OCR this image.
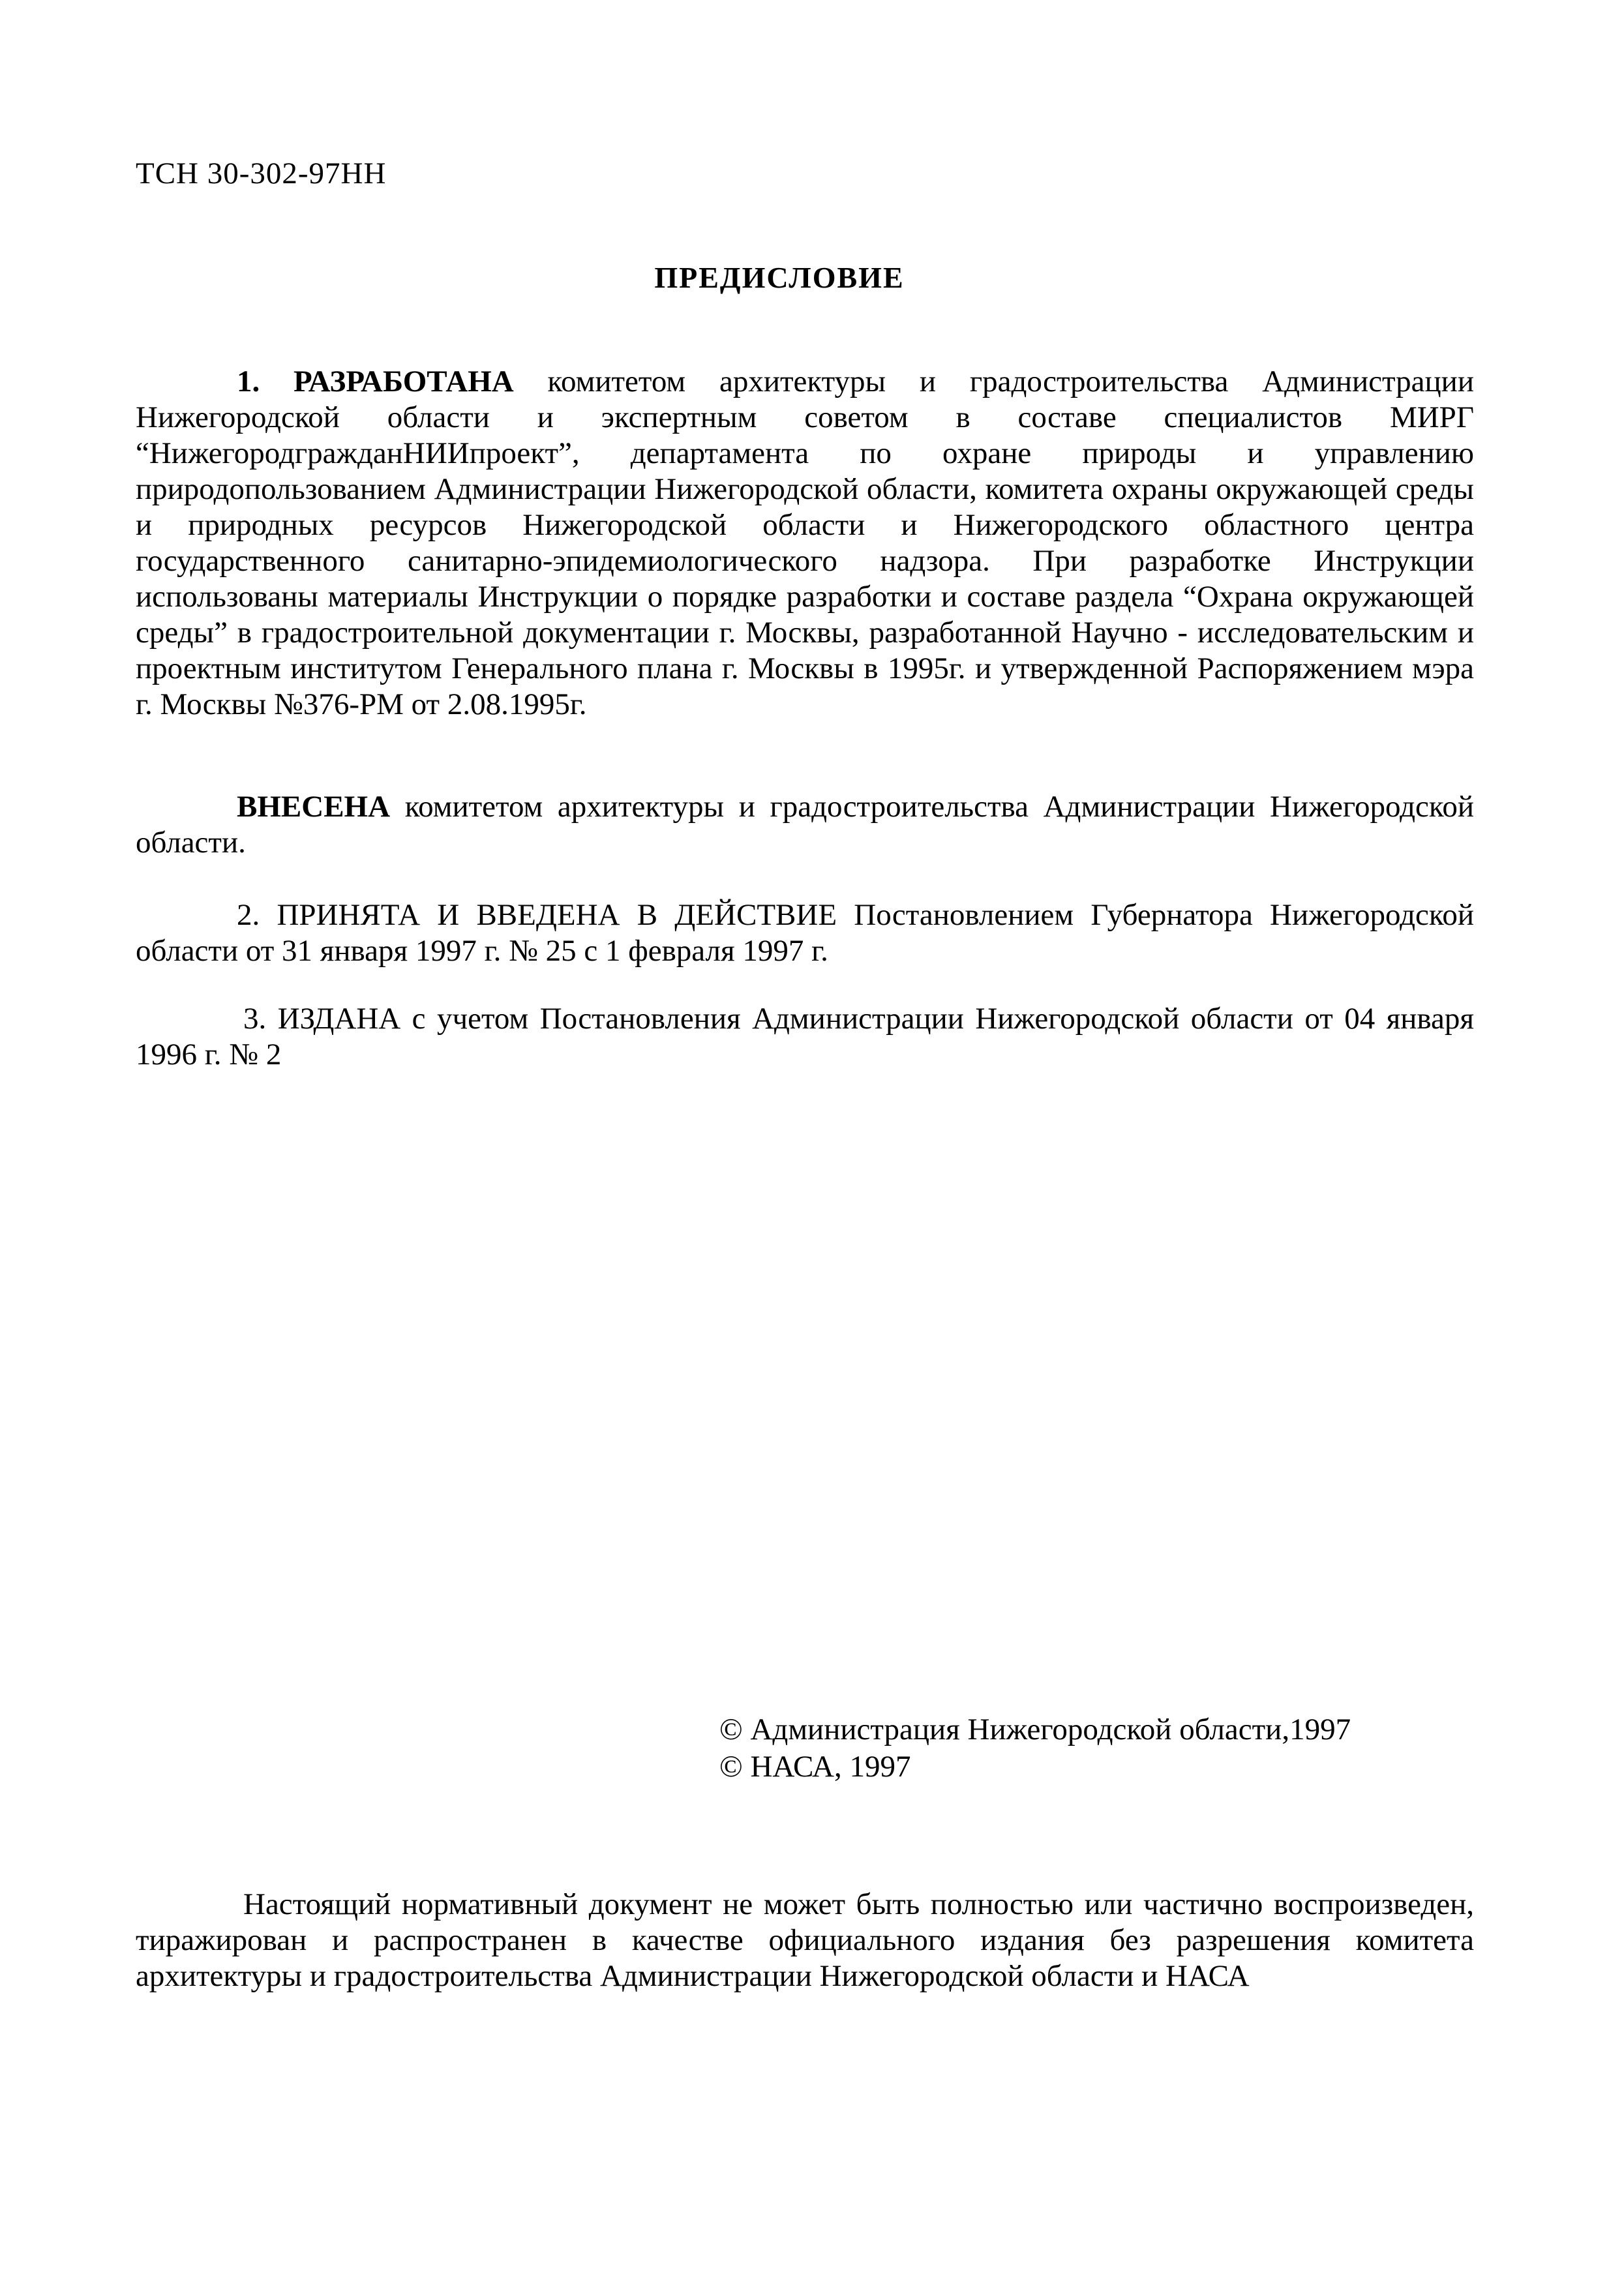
ТСН 30-302-97НН
ПРЕДИСЛОВИЕ

1. РАЗРАБОТАНА комитетом архитектуры и градостроительства Администрации Нижегородской области и экспертным советом в составе специалистов МИРГ “НижегородгражданНИИпроект”, департамента по охране природы и управлению природопользованием Администрации Нижегородской области, комитета охраны окружающей среды и природных ресурсов Нижегородской области и Нижегородского областного центра государственного санитарно-эпидемиологического надзора. При разработке Инструкции использованы материалы Инструкции о порядке разработки и составе раздела “Охрана окружающей среды” в градостроительной документации г. Москвы, разработанной Научно - исследовательским и проектным институтом Генерального плана г. Москвы в 1995г. и утвержденной Распоряжением мэра г. Москвы №376-РМ от 2.08.1995г.

ВНЕСЕНА комитетом архитектуры и градостроительства Администрации Нижегородской области.

2. ПРИНЯТА И ВВЕДЕНА В ДЕЙСТВИЕ Постановлением Губернатора Нижегородской области от 31 января 1997 г. № 25 с 1 февраля 1997 г.

3. ИЗДАНА с учетом Постановления Администрации Нижегородской области от 04 января 1996 г. № 2

© Администрация Нижегородской области,1997
© НАСА, 1997

Настоящий нормативный документ не может быть полностью или частично воспроизведен, тиражирован и распространен в качестве официального издания без разрешения комитета архитектуры и градостроительства Администрации Нижегородской области и НАСА
